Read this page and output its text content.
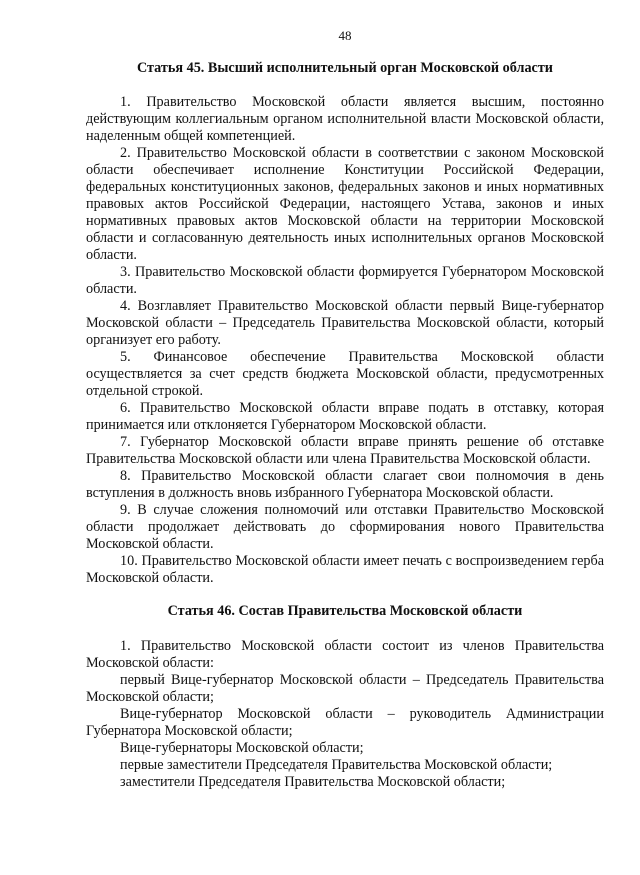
48
Статья 45. Высший исполнительный орган Московской области

1. Правительство Московской области является высшим, постоянно действующим коллегиальным органом исполнительной власти Московской области, наделенным общей компетенцией.

2. Правительство Московской области в соответствии с законом Московской области обеспечивает исполнение Конституции Российской Федерации, федеральных конституционных законов, федеральных законов и иных нормативных правовых актов Российской Федерации, настоящего Устава, законов и иных нормативных правовых актов Московской области на территории Московской области и согласованную деятельность иных исполнительных органов Московской области.

3. Правительство Московской области формируется Губернатором Московской области.

4. Возглавляет Правительство Московской области первый Вице-губернатор Московской области – Председатель Правительства Московской области, который организует его работу.

5. Финансовое обеспечение Правительства Московской области осуществляется за счет средств бюджета Московской области, предусмотренных отдельной строкой.

6. Правительство Московской области вправе подать в отставку, которая принимается или отклоняется Губернатором Московской области.

7. Губернатор Московской области вправе принять решение об отставке Правительства Московской области или члена Правительства Московской области.

8. Правительство Московской области слагает свои полномочия в день вступления в должность вновь избранного Губернатора Московской области.

9. В случае сложения полномочий или отставки Правительство Московской области продолжает действовать до сформирования нового Правительства Московской области.

10. Правительство Московской области имеет печать с воспроизведением герба Московской области.

Статья 46. Состав Правительства Московской области

1. Правительство Московской области состоит из членов Правительства Московской области:

первый Вице-губернатор Московской области – Председатель Правительства Московской области;

Вице-губернатор Московской области – руководитель Администрации Губернатора Московской области;

Вице-губернаторы Московской области;

первые заместители Председателя Правительства Московской области;

заместители Председателя Правительства Московской области;
